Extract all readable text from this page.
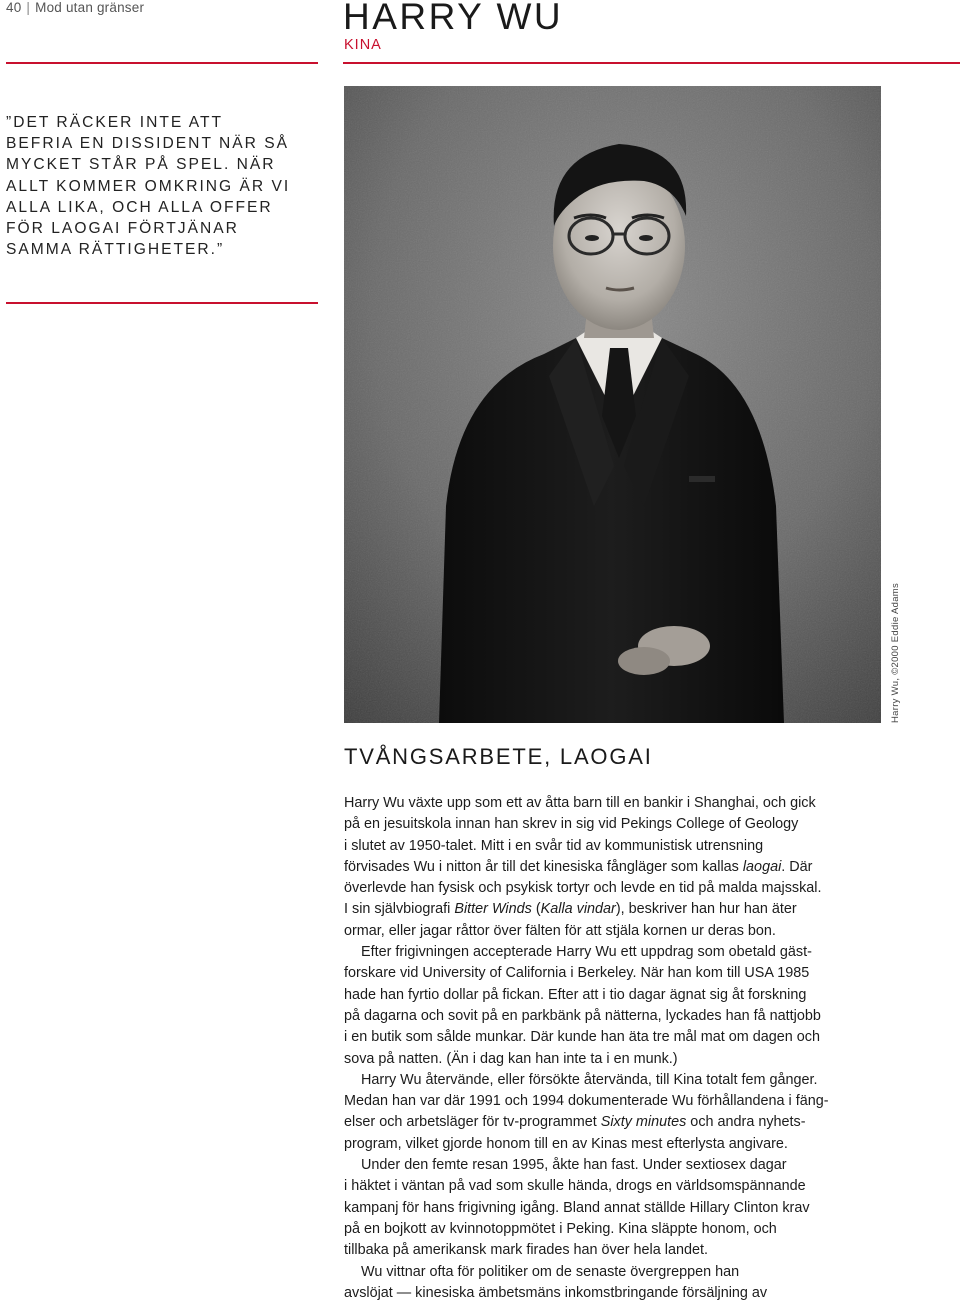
40 | Mod utan gränser	HARRY WU
KINA
”DET RÄCKER INTE ATT
BEFRIA EN DISSIDENT NÄR SÅ
MYCKET STÅR PÅ SPEL. NÄR
ALLT KOMMER OMKRING ÄR VI
ALLA LIKA, OCH ALLA OFFER
FÖR LAOGAI FÖRTJÄNAR
SAMMA RÄTTIGHETER.”
Harry Wu, ©2000 Eddie Adams
TVÅNGSARBETE, LAOGAI
Harry Wu växte upp som ett av åtta barn till en bankir i Shanghai, och gick
på en jesuitskola innan han skrev in sig vid Pekings College of Geology
i slutet av 1950-talet. Mitt i en svår tid av kommunistisk utrensning
förvisades Wu i nitton år till det kinesiska fångläger som kallas laogai. Där
överlevde han fysisk och psykisk tortyr och levde en tid på malda majsskal.
I sin självbiografi Bitter Winds (Kalla vindar), beskriver han hur han äter
ormar, eller jagar råttor över fälten för att stjäla kornen ur deras bon.
Efter frigivningen accepterade Harry Wu ett uppdrag som obetald gäst-
forskare vid University of California i Berkeley. När han kom till USA 1985
hade han fyrtio dollar på fickan. Efter att i tio dagar ägnat sig åt forskning
på dagarna och sovit på en parkbänk på nätterna, lyckades han få nattjobb
i en butik som sålde munkar. Där kunde han äta tre mål mat om dagen och
sova på natten. (Än i dag kan han inte ta i en munk.)
Harry Wu återvände, eller försökte återvända, till Kina totalt fem gånger.
Medan han var där 1991 och 1994 dokumenterade Wu förhållandena i fäng-
elser och arbetsläger för tv-programmet Sixty minutes och andra nyhets-
program, vilket gjorde honom till en av Kinas mest efterlysta angivare.
Under den femte resan 1995, åkte han fast. Under sextiosex dagar
i häktet i väntan på vad som skulle hända, drogs en världsomspännande
kampanj för hans frigivning igång. Bland annat ställde Hillary Clinton krav
på en bojkott av kvinnotoppmötet i Peking. Kina släppte honom, och
tillbaka på amerikansk mark firades han över hela landet.
Wu vittnar ofta för politiker om de senaste övergreppen han
avslöjat — kinesiska ämbetsmäns inkomstbringande försäljning av
